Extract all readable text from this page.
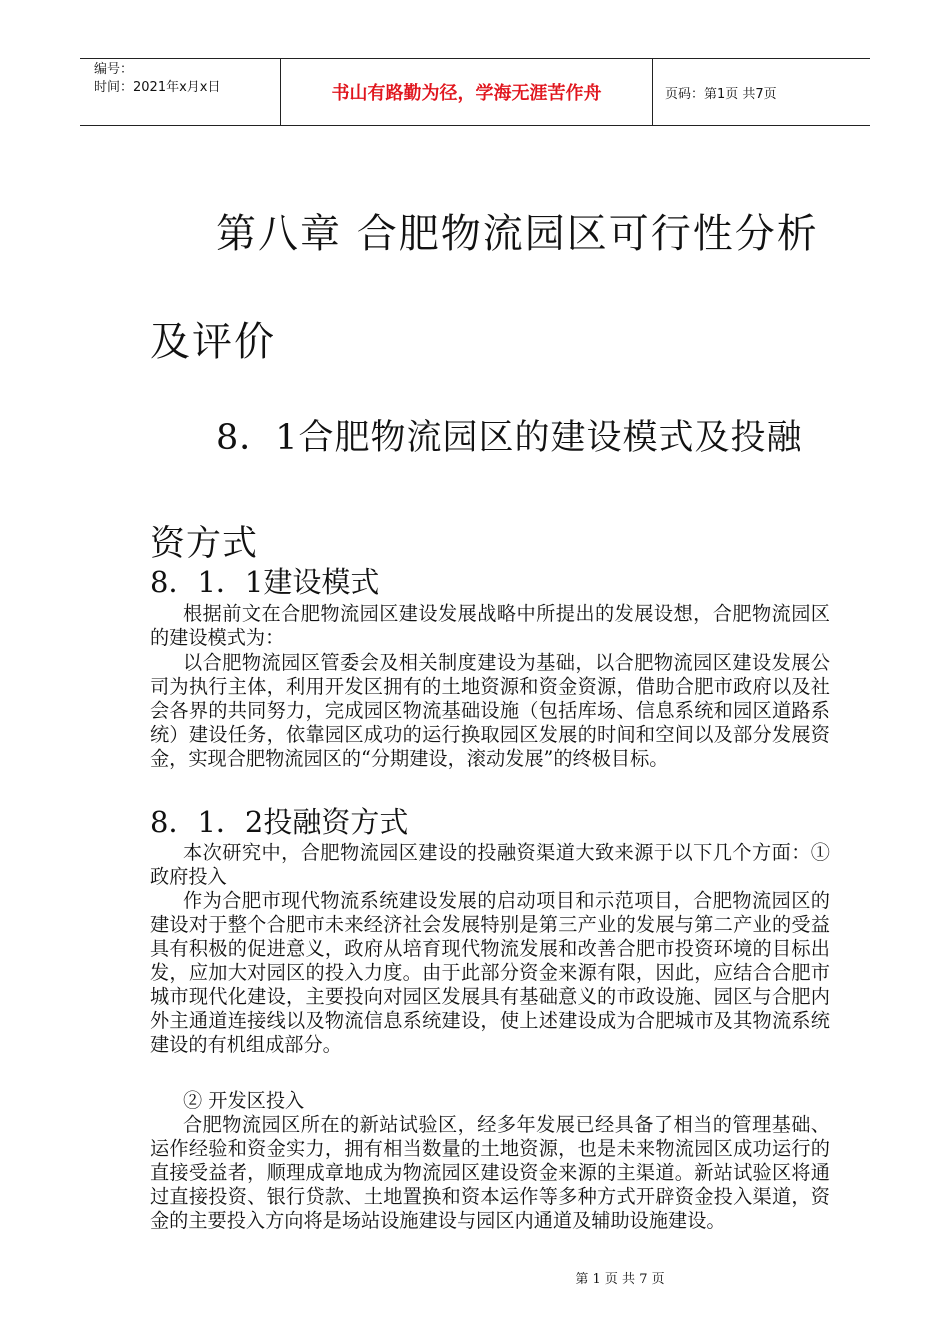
编号：
时间：2021年x月x日	书山有路勤为径，学海无涯苦作舟	页码：第1页 共7页
第八章 合肥物流园区可行性分析及评价
8．1合肥物流园区的建设模式及投融资方式
8．1．1建设模式

根据前文在合肥物流园区建设发展战略中所提出的发展设想，合肥物流园区的建设模式为：

以合肥物流园区管委会及相关制度建设为基础，以合肥物流园区建设发展公司为执行主体，利用开发区拥有的土地资源和资金资源，借助合肥市政府以及社会各界的共同努力，完成园区物流基础设施（包括库场、信息系统和园区道路系统）建设任务，依靠园区成功的运行换取园区发展的时间和空间以及部分发展资金，实现合肥物流园区的“分期建设，滚动发展”的终极目标。

8．1．2投融资方式

本次研究中，合肥物流园区建设的投融资渠道大致来源于以下几个方面：①政府投入

作为合肥市现代物流系统建设发展的启动项目和示范项目，合肥物流园区的建设对于整个合肥市未来经济社会发展特别是第三产业的发展与第二产业的受益具有积极的促进意义，政府从培育现代物流发展和改善合肥市投资环境的目标出发，应加大对园区的投入力度。由于此部分资金来源有限，因此，应结合合肥市城市现代化建设，主要投向对园区发展具有基础意义的市政设施、园区与合肥内外主通道连接线以及物流信息系统建设，使上述建设成为合肥城市及其物流系统建设的有机组成部分。

② 开发区投入

合肥物流园区所在的新站试验区，经多年发展已经具备了相当的管理基础、运作经验和资金实力，拥有相当数量的土地资源，也是未来物流园区成功运行的直接受益者，顺理成章地成为物流园区建设资金来源的主渠道。新站试验区将通过直接投资、银行贷款、土地置换和资本运作等多种方式开辟资金投入渠道，资金的主要投入方向将是场站设施建设与园区内通道及辅助设施建设。

第 1 页 共 7 页
